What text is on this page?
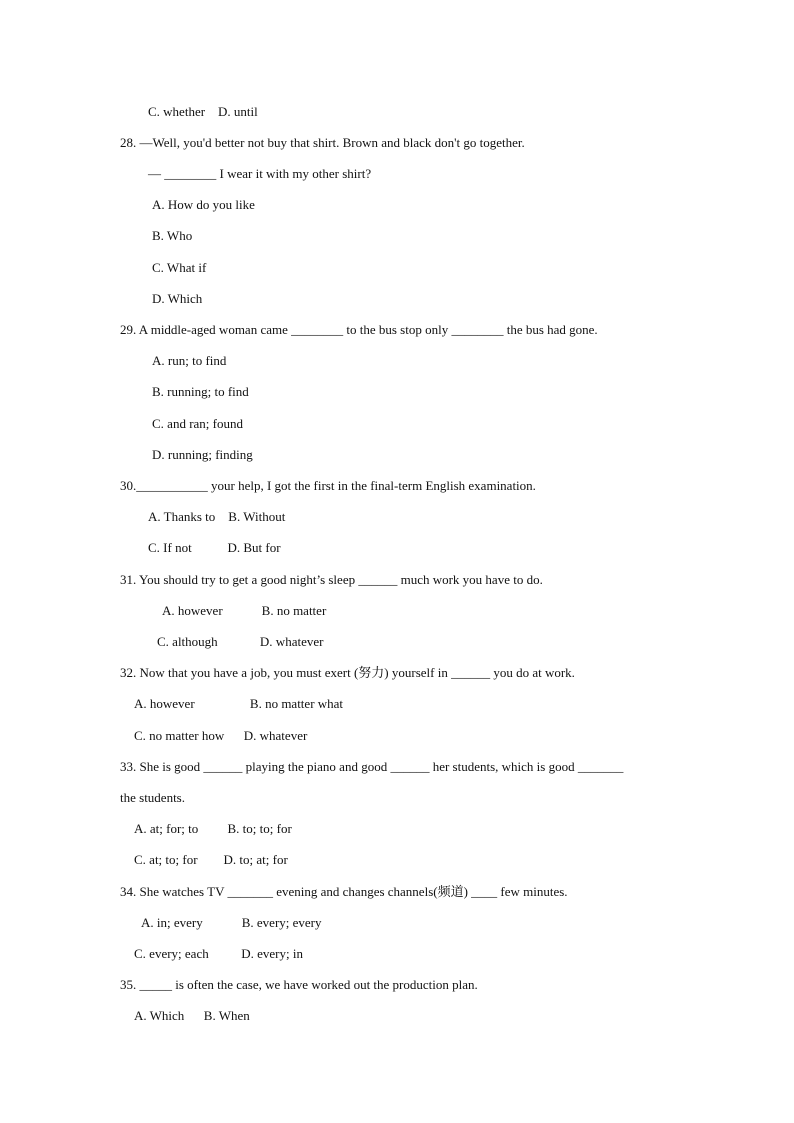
C. whether    D. until
28. —Well, you'd better not buy that shirt. Brown and black don't go together.
— ________ I wear it with my other shirt?
A. How do you like
B. Who
C. What if
D. Which
29. A middle-aged woman came ________ to the bus stop only ________ the bus had gone.
A. run; to find
B. running; to find
C. and ran; found
D. running; finding
30.___________ your help, I got the first in the final-term English examination.
A. Thanks to    B. Without
C. If not           D. But for
31. You should try to get a good night’s sleep ______ much work you have to do.
A. however            B. no matter
C. although             D. whatever
32. Now that you have a job, you must exert (努力) yourself in ______ you do at work.
A. however                 B. no matter what
C. no matter how      D. whatever
33. She is good ______ playing the piano and good ______ her students, which is good _______
the students.
A. at; for; to         B. to; to; for
C. at; to; for        D. to; at; for
34. She watches TV _______ evening and changes channels(频道) ____ few minutes.
A. in; every            B. every; every
C. every; each          D. every; in
35. _____ is often the case, we have worked out the production plan.
A. Which      B. When
